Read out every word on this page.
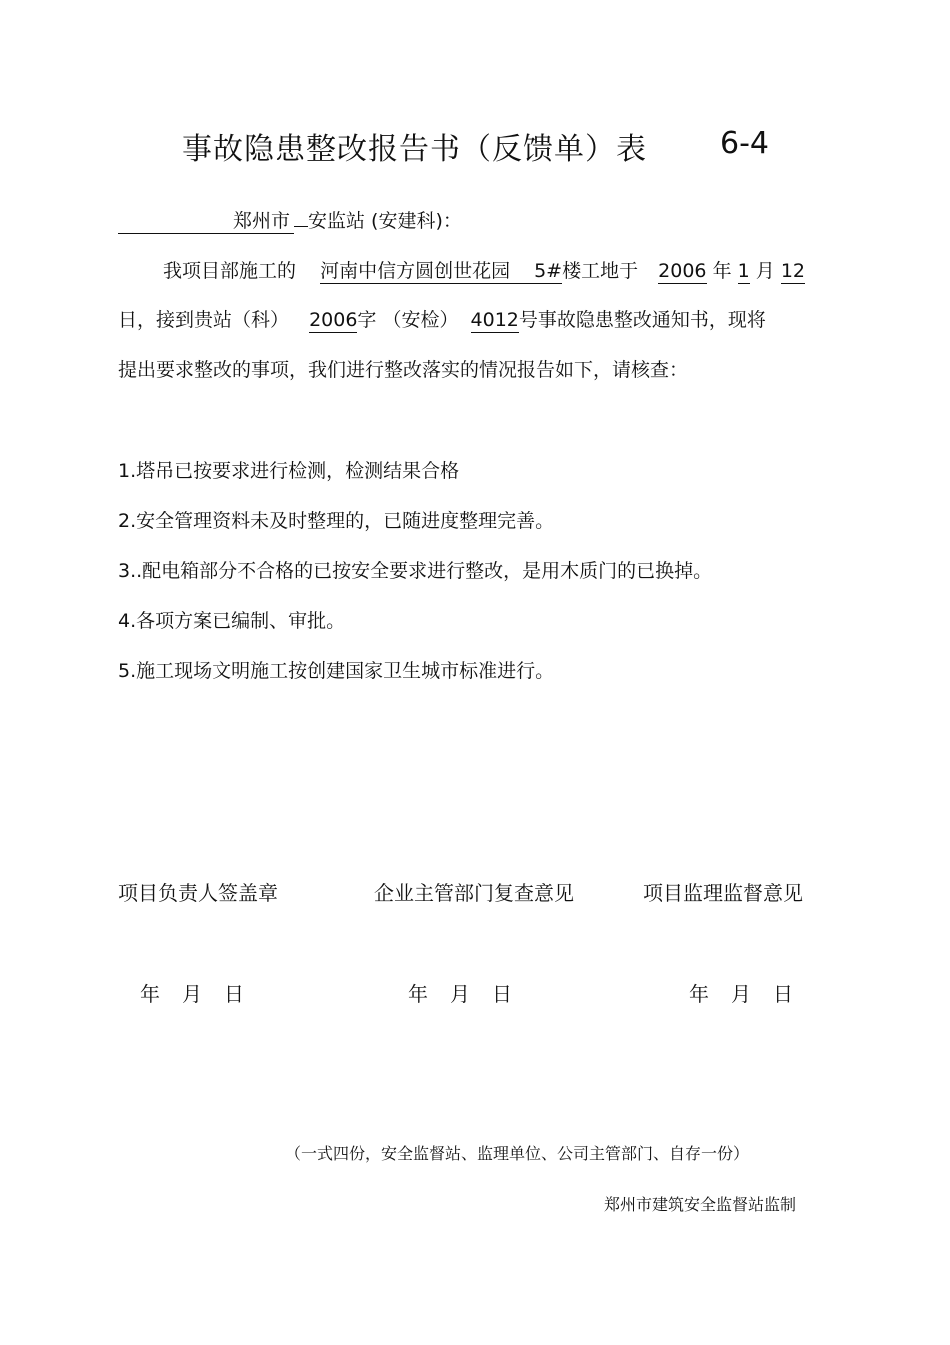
事故隐患整改报告书（反馈单）表 6-4
郑州市 安监站 (安建科)：
我项目部施工的 河南中信方圆创世花园 5#楼工地于 2006 年 1 月 12
日，接到贵站（科） 2006字 （安检） 4012号事故隐患整改通知书，现将
提出要求整改的事项，我们进行整改落实的情况报告如下，请核查：
1.塔吊已按要求进行检测，检测结果合格
2.安全管理资料未及时整理的，已随进度整理完善。
3..配电箱部分不合格的已按安全要求进行整改，是用木质门的已换掉。
4.各项方案已编制、审批。
5.施工现场文明施工按创建国家卫生城市标准进行。
项目负责人签盖章	企业主管部门复查意见	项目监理监督意见
年 月 日	年 月 日	年 月 日
（一式四份，安全监督站、监理单位、公司主管部门、自存一份）
郑州市建筑安全监督站监制
